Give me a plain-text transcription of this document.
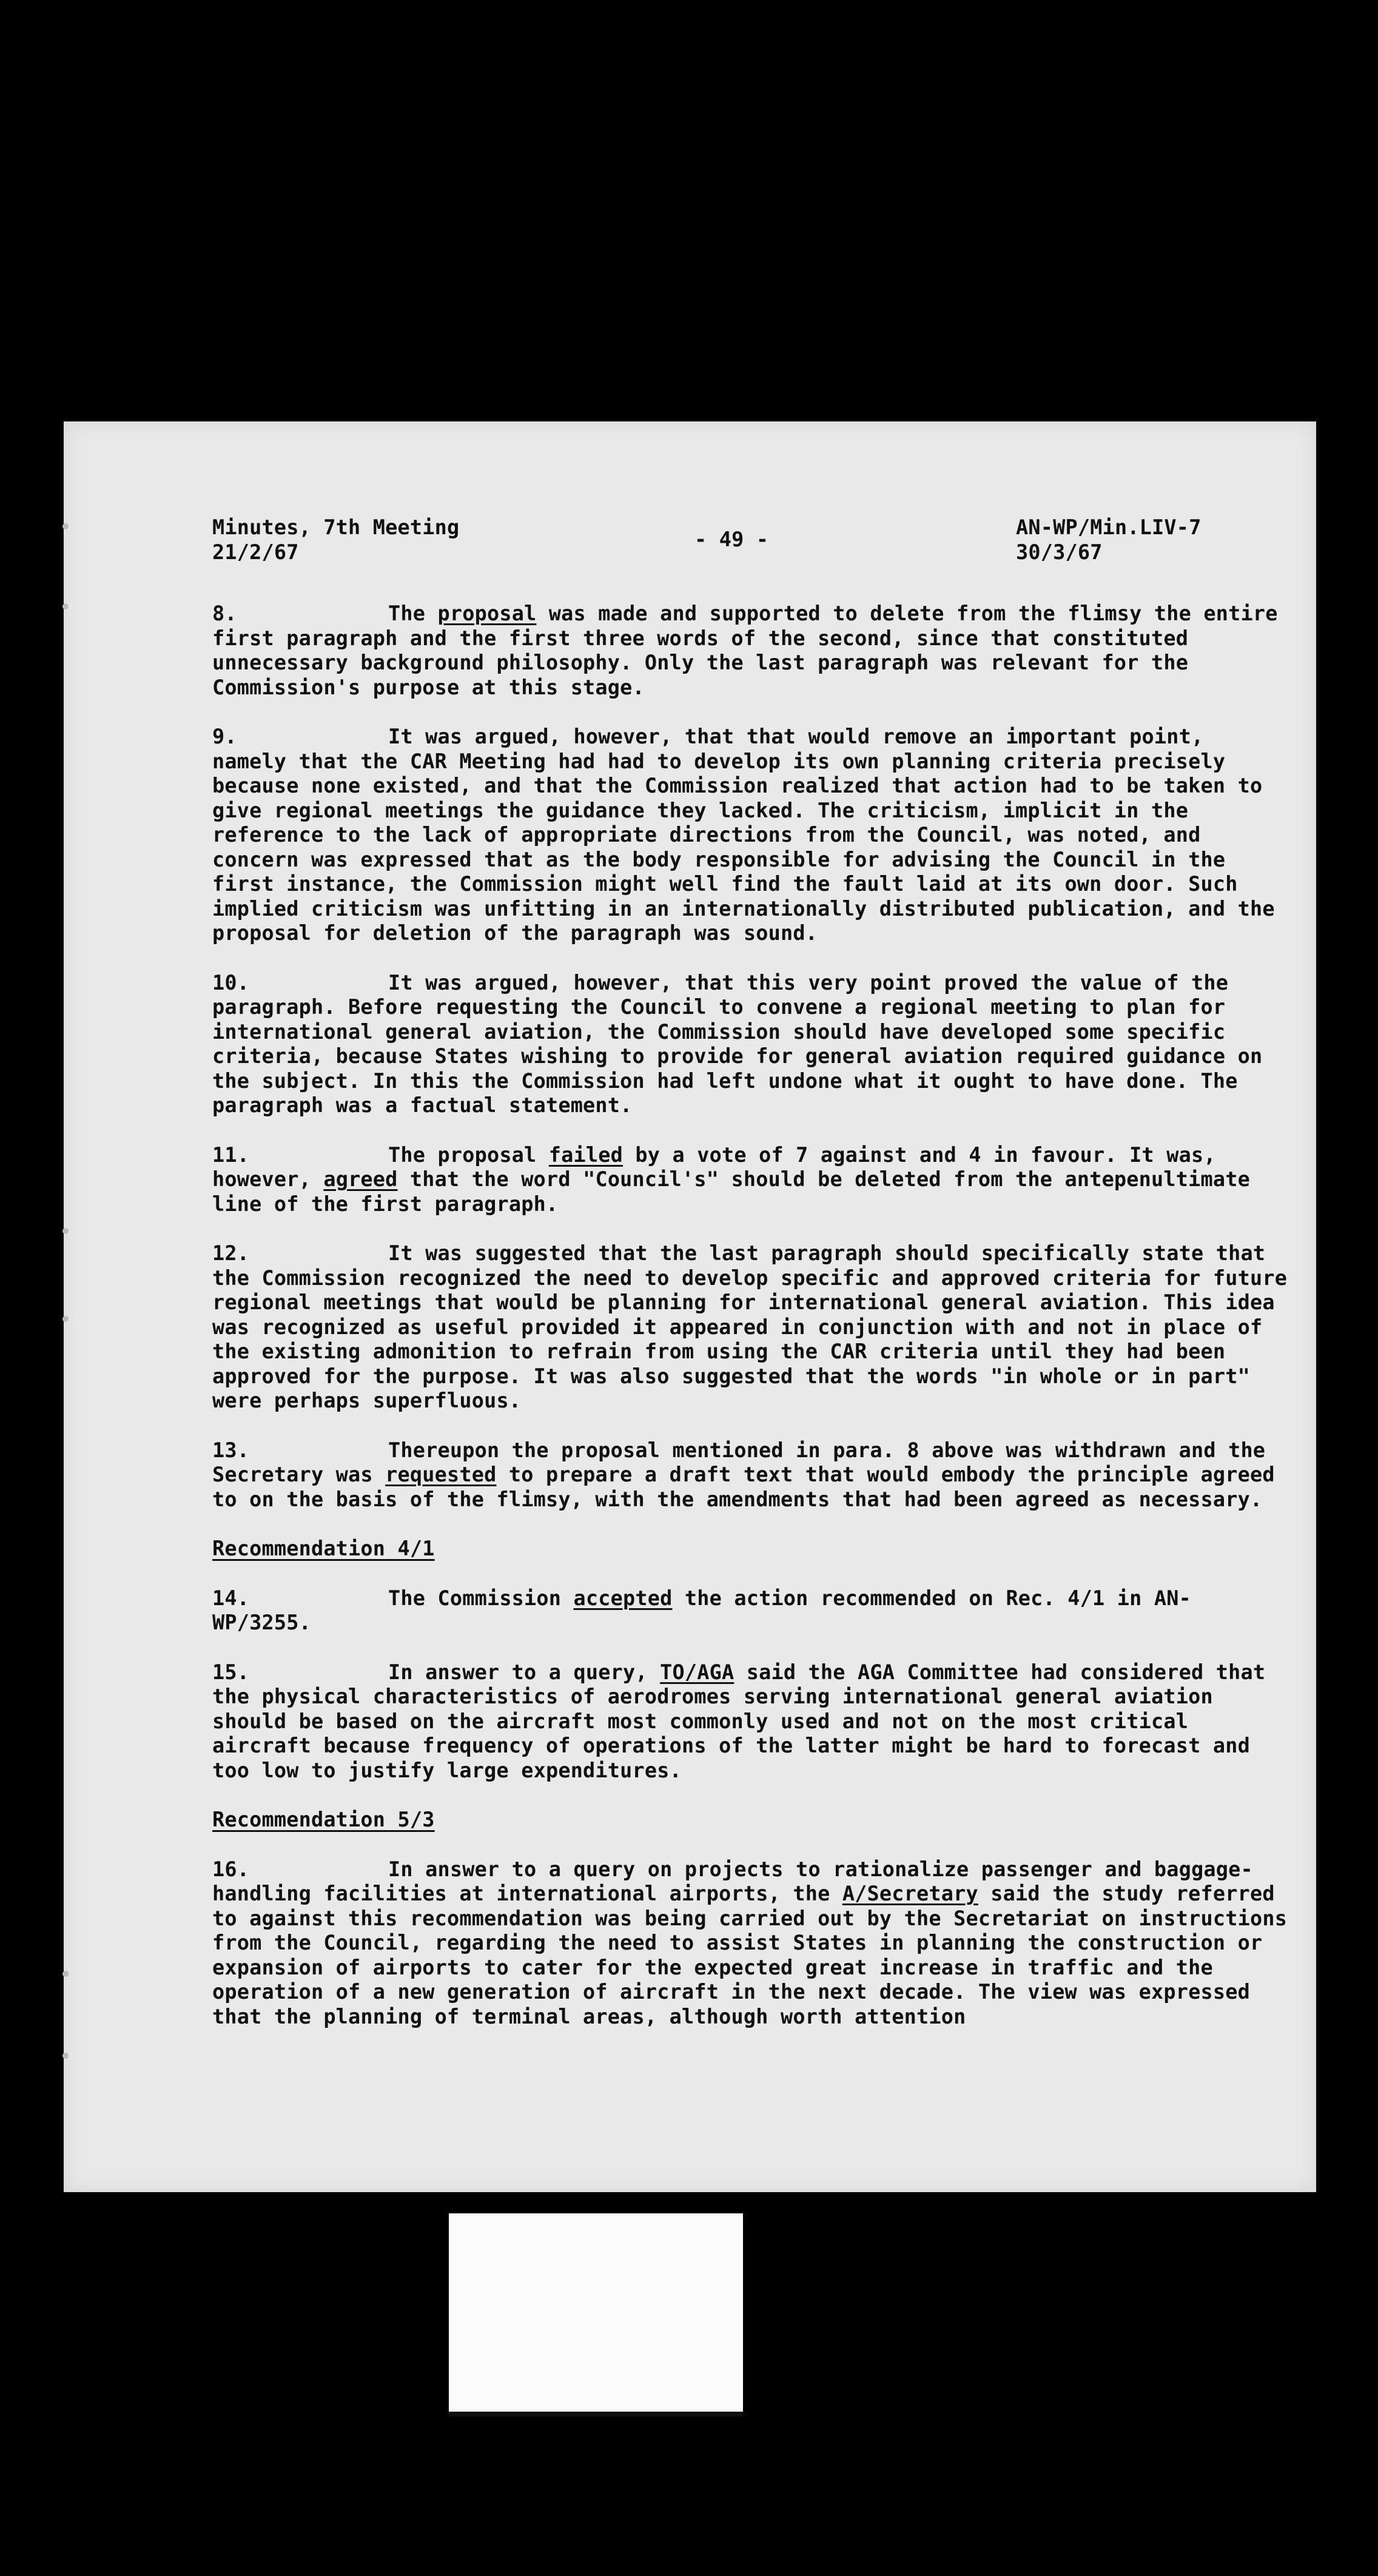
Minutes, 7th Meeting
21/2/67
- 49 -
AN-WP/Min.LIV-7
30/3/67

8.	The proposal was made and supported to delete from the flimsy the entire first paragraph and the first three words of the second, since that constituted unnecessary background philosophy. Only the last paragraph was relevant for the Commission's purpose at this stage.

9.	It was argued, however, that that would remove an important point, namely that the CAR Meeting had had to develop its own planning criteria precisely because none existed, and that the Commission realized that action had to be taken to give regional meetings the guidance they lacked. The criticism, implicit in the reference to the lack of appropriate directions from the Council, was noted, and concern was expressed that as the body responsible for advising the Council in the first instance, the Commission might well find the fault laid at its own door. Such implied criticism was unfitting in an internationally distributed publication, and the proposal for deletion of the paragraph was sound.

10.	It was argued, however, that this very point proved the value of the paragraph. Before requesting the Council to convene a regional meeting to plan for international general aviation, the Commission should have developed some specific criteria, because States wishing to provide for general aviation required guidance on the subject. In this the Commission had left undone what it ought to have done. The paragraph was a factual statement.

11.	The proposal failed by a vote of 7 against and 4 in favour. It was, however, agreed that the word "Council's" should be deleted from the antepenultimate line of the first paragraph.

12.	It was suggested that the last paragraph should specifically state that the Commission recognized the need to develop specific and approved criteria for future regional meetings that would be planning for international general aviation. This idea was recognized as useful provided it appeared in conjunction with and not in place of the existing admonition to refrain from using the CAR criteria until they had been approved for the purpose. It was also suggested that the words "in whole or in part" were perhaps superfluous.

13.	Thereupon the proposal mentioned in para. 8 above was withdrawn and the Secretary was requested to prepare a draft text that would embody the principle agreed to on the basis of the flimsy, with the amendments that had been agreed as necessary.

Recommendation 4/1

14.	The Commission accepted the action recommended on Rec. 4/1 in AN-WP/3255.

15.	In answer to a query, TO/AGA said the AGA Committee had considered that the physical characteristics of aerodromes serving international general aviation should be based on the aircraft most commonly used and not on the most critical aircraft because frequency of operations of the latter might be hard to forecast and too low to justify large expenditures.

Recommendation 5/3

16.	In answer to a query on projects to rationalize passenger and baggage-handling facilities at international airports, the A/Secretary said the study referred to against this recommendation was being carried out by the Secretariat on instructions from the Council, regarding the need to assist States in planning the construction or expansion of airports to cater for the expected great increase in traffic and the operation of a new generation of aircraft in the next decade. The view was expressed that the planning of terminal areas, although worth attention
